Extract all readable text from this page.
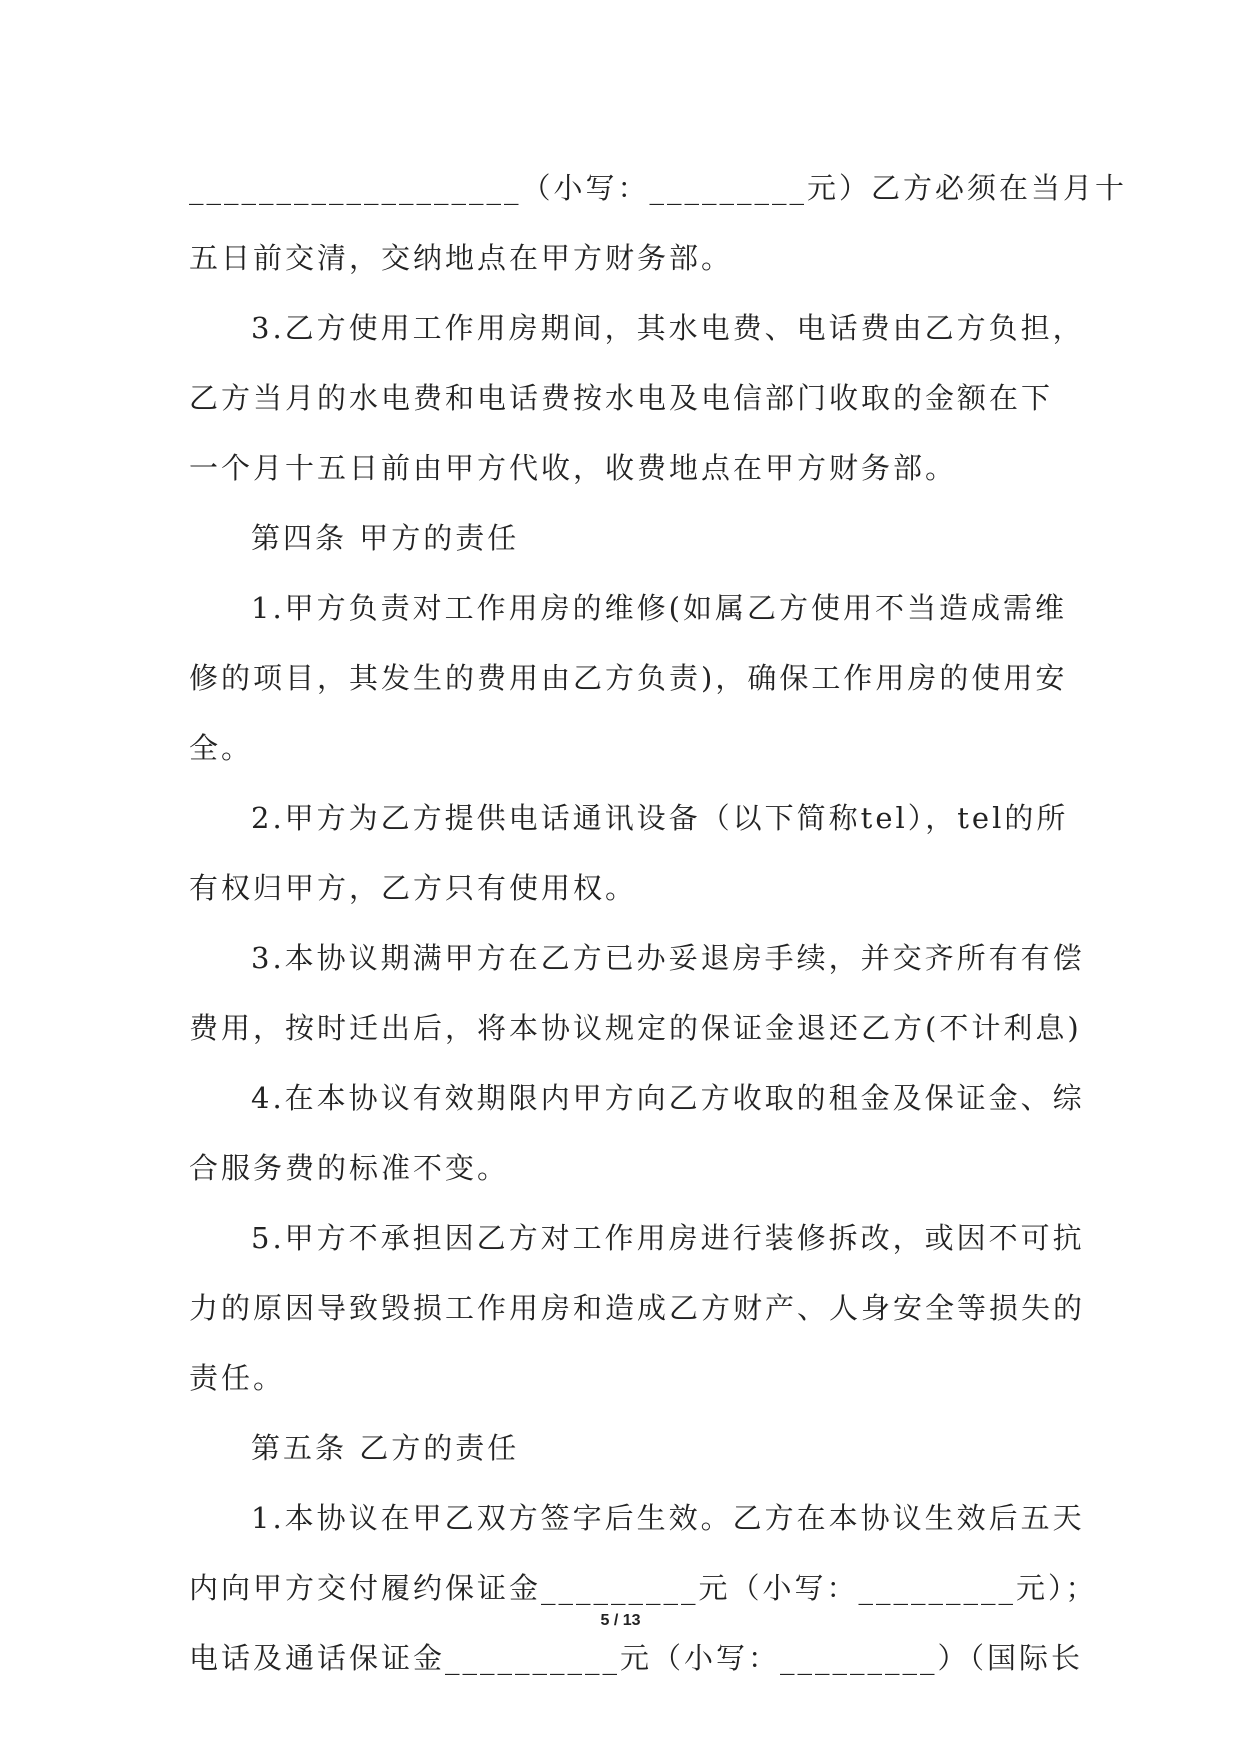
___________________（小写：_________元）乙方必须在当月十
五日前交清，交纳地点在甲方财务部。
3.乙方使用工作用房期间，其水电费、电话费由乙方负担，
乙方当月的水电费和电话费按水电及电信部门收取的金额在下
一个月十五日前由甲方代收，收费地点在甲方财务部。
第四条 甲方的责任
1.甲方负责对工作用房的维修(如属乙方使用不当造成需维
修的项目，其发生的费用由乙方负责)，确保工作用房的使用安
全。
2.甲方为乙方提供电话通讯设备（以下简称tel），tel的所
有权归甲方，乙方只有使用权。
3.本协议期满甲方在乙方已办妥退房手续，并交齐所有有偿
费用，按时迁出后，将本协议规定的保证金退还乙方(不计利息)
4.在本协议有效期限内甲方向乙方收取的租金及保证金、综
合服务费的标准不变。
5.甲方不承担因乙方对工作用房进行装修拆改，或因不可抗
力的原因导致毁损工作用房和造成乙方财产、人身安全等损失的
责任。
第五条 乙方的责任
1.本协议在甲乙双方签字后生效。乙方在本协议生效后五天
内向甲方交付履约保证金_________元（小写：_________元）；
电话及通话保证金__________元（小写：_________）（国际长
5 / 13
